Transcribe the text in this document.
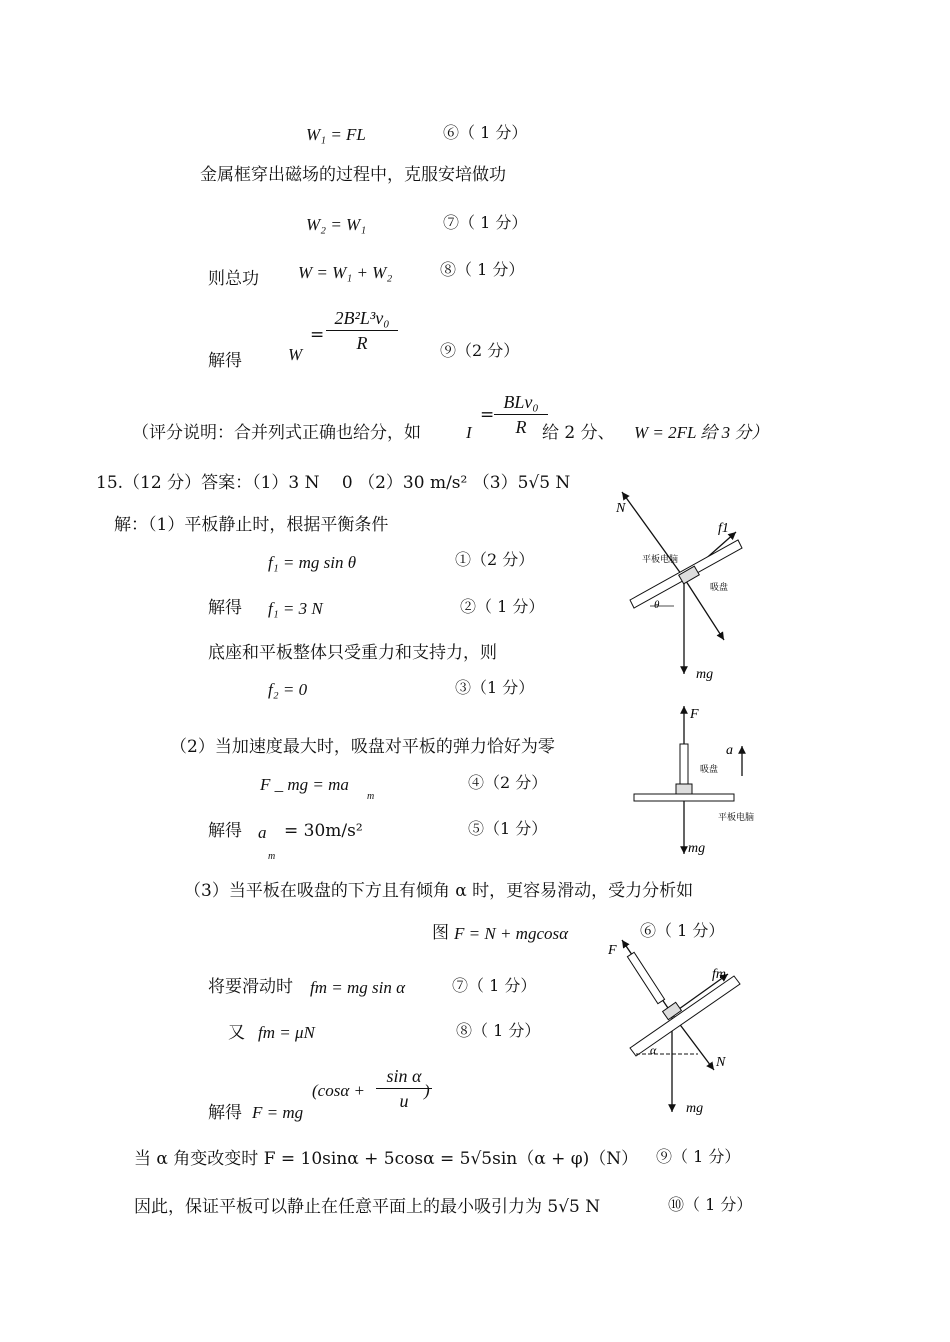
W₁ = FL	⑥（ 1 分）
金属框穿出磁场的过程中，克服安培做功
W₂ = W₁	⑦（ 1 分）
则总功 W = W₁ + W₂	⑧（ 1 分）
解得	W
= $\frac{\text{2B²L³v₀}}{R}$	⑨（2 分）
（评分说明：合并列式正确也给分，如	I
=
BLv₀
R 给 2 分、 W = 2FL 给 3 分）
15.（12 分）答案：（1）3 N　 0 （2）30 m/s² （3）5√5 N
解：（1）平板静止时，根据平衡条件
f₁ = mg sin θ	①（2 分）
解得 f₁ = 3 N	②（ 1 分）
底座和平板整体只受重力和支持力，则
f₂ = 0	③（1 分）
（2）当加速度最大时，吸盘对平板的弹力恰好为零
F _ mg = ma
m
④（2 分）
解得 a
m
= 30m/s²	⑤（1 分）
（3）当平板在吸盘的下方且有倾角 α 时，更容易滑动，受力分析如
图 F = N + mgcosα	⑥（ 1 分）
将要滑动时 fm = mg sin α	⑦（ 1 分）
又 fm = μN	⑧（ 1 分）
解得 F = mg
($\cos\alpha + \frac{\text{sin α}}{u}$
)
当 α 角变改变时 F = 10sinα + 5cosα = 5√5sin（α + φ)（N） ⑨（ 1 分）
因此，保证平板可以静止在任意平面上的最小吸引力为 5√5 N	⑩（ 1 分）
N
f1
平板电脑
吸盘
θ
mg
F
a
吸盘
平板电脑
mg
F
fm
α
N
mg
